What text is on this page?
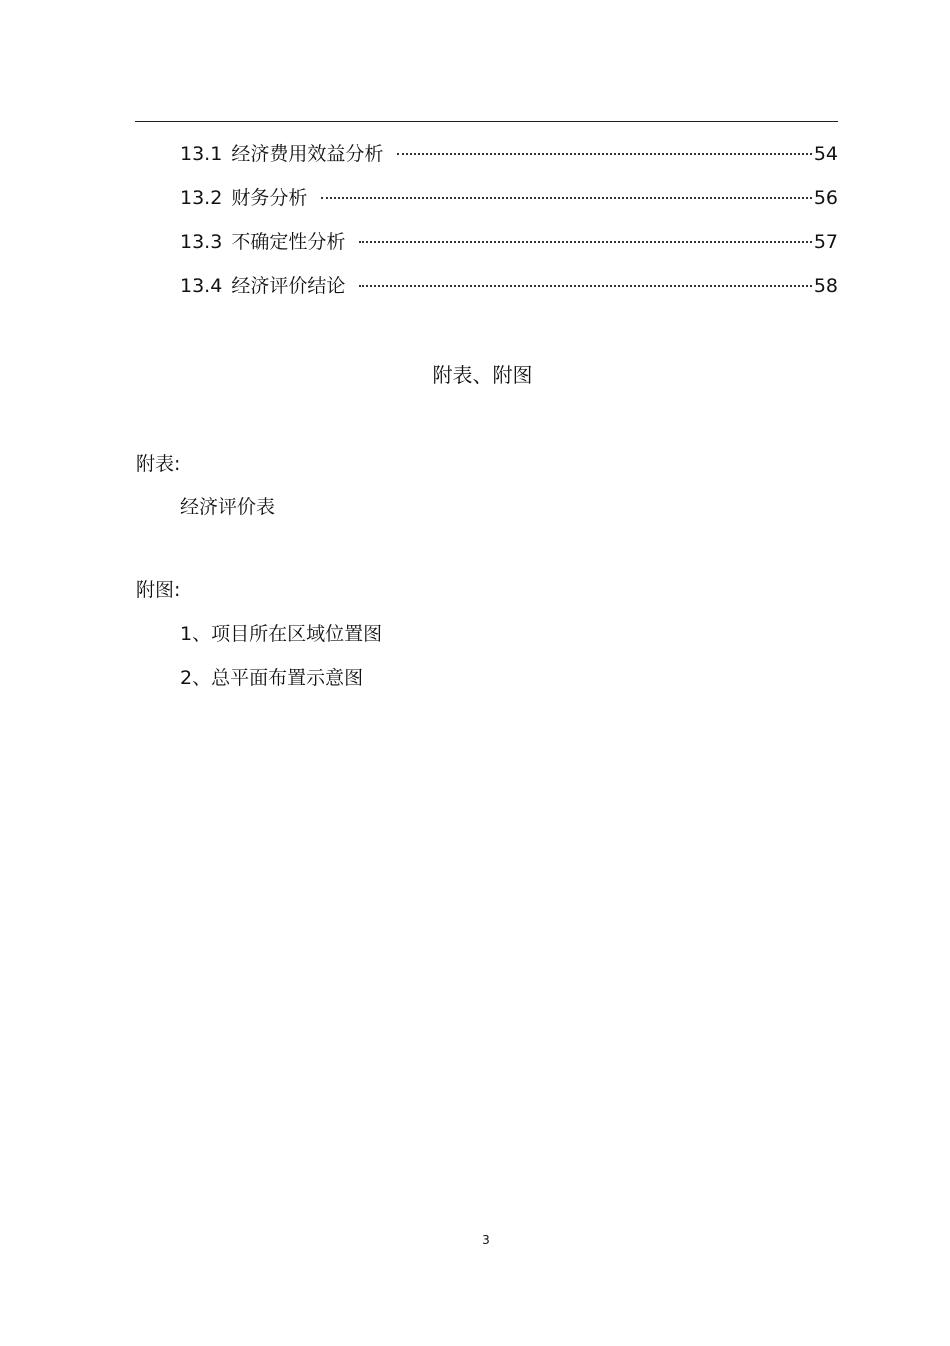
13.1 经济费用效益分析	54
13.2 财务分析	56
13.3 不确定性分析	57
13.4 经济评价结论	58
附表、附图
附表:
经济评价表
附图:
1、项目所在区域位置图
2、总平面布置示意图
3
